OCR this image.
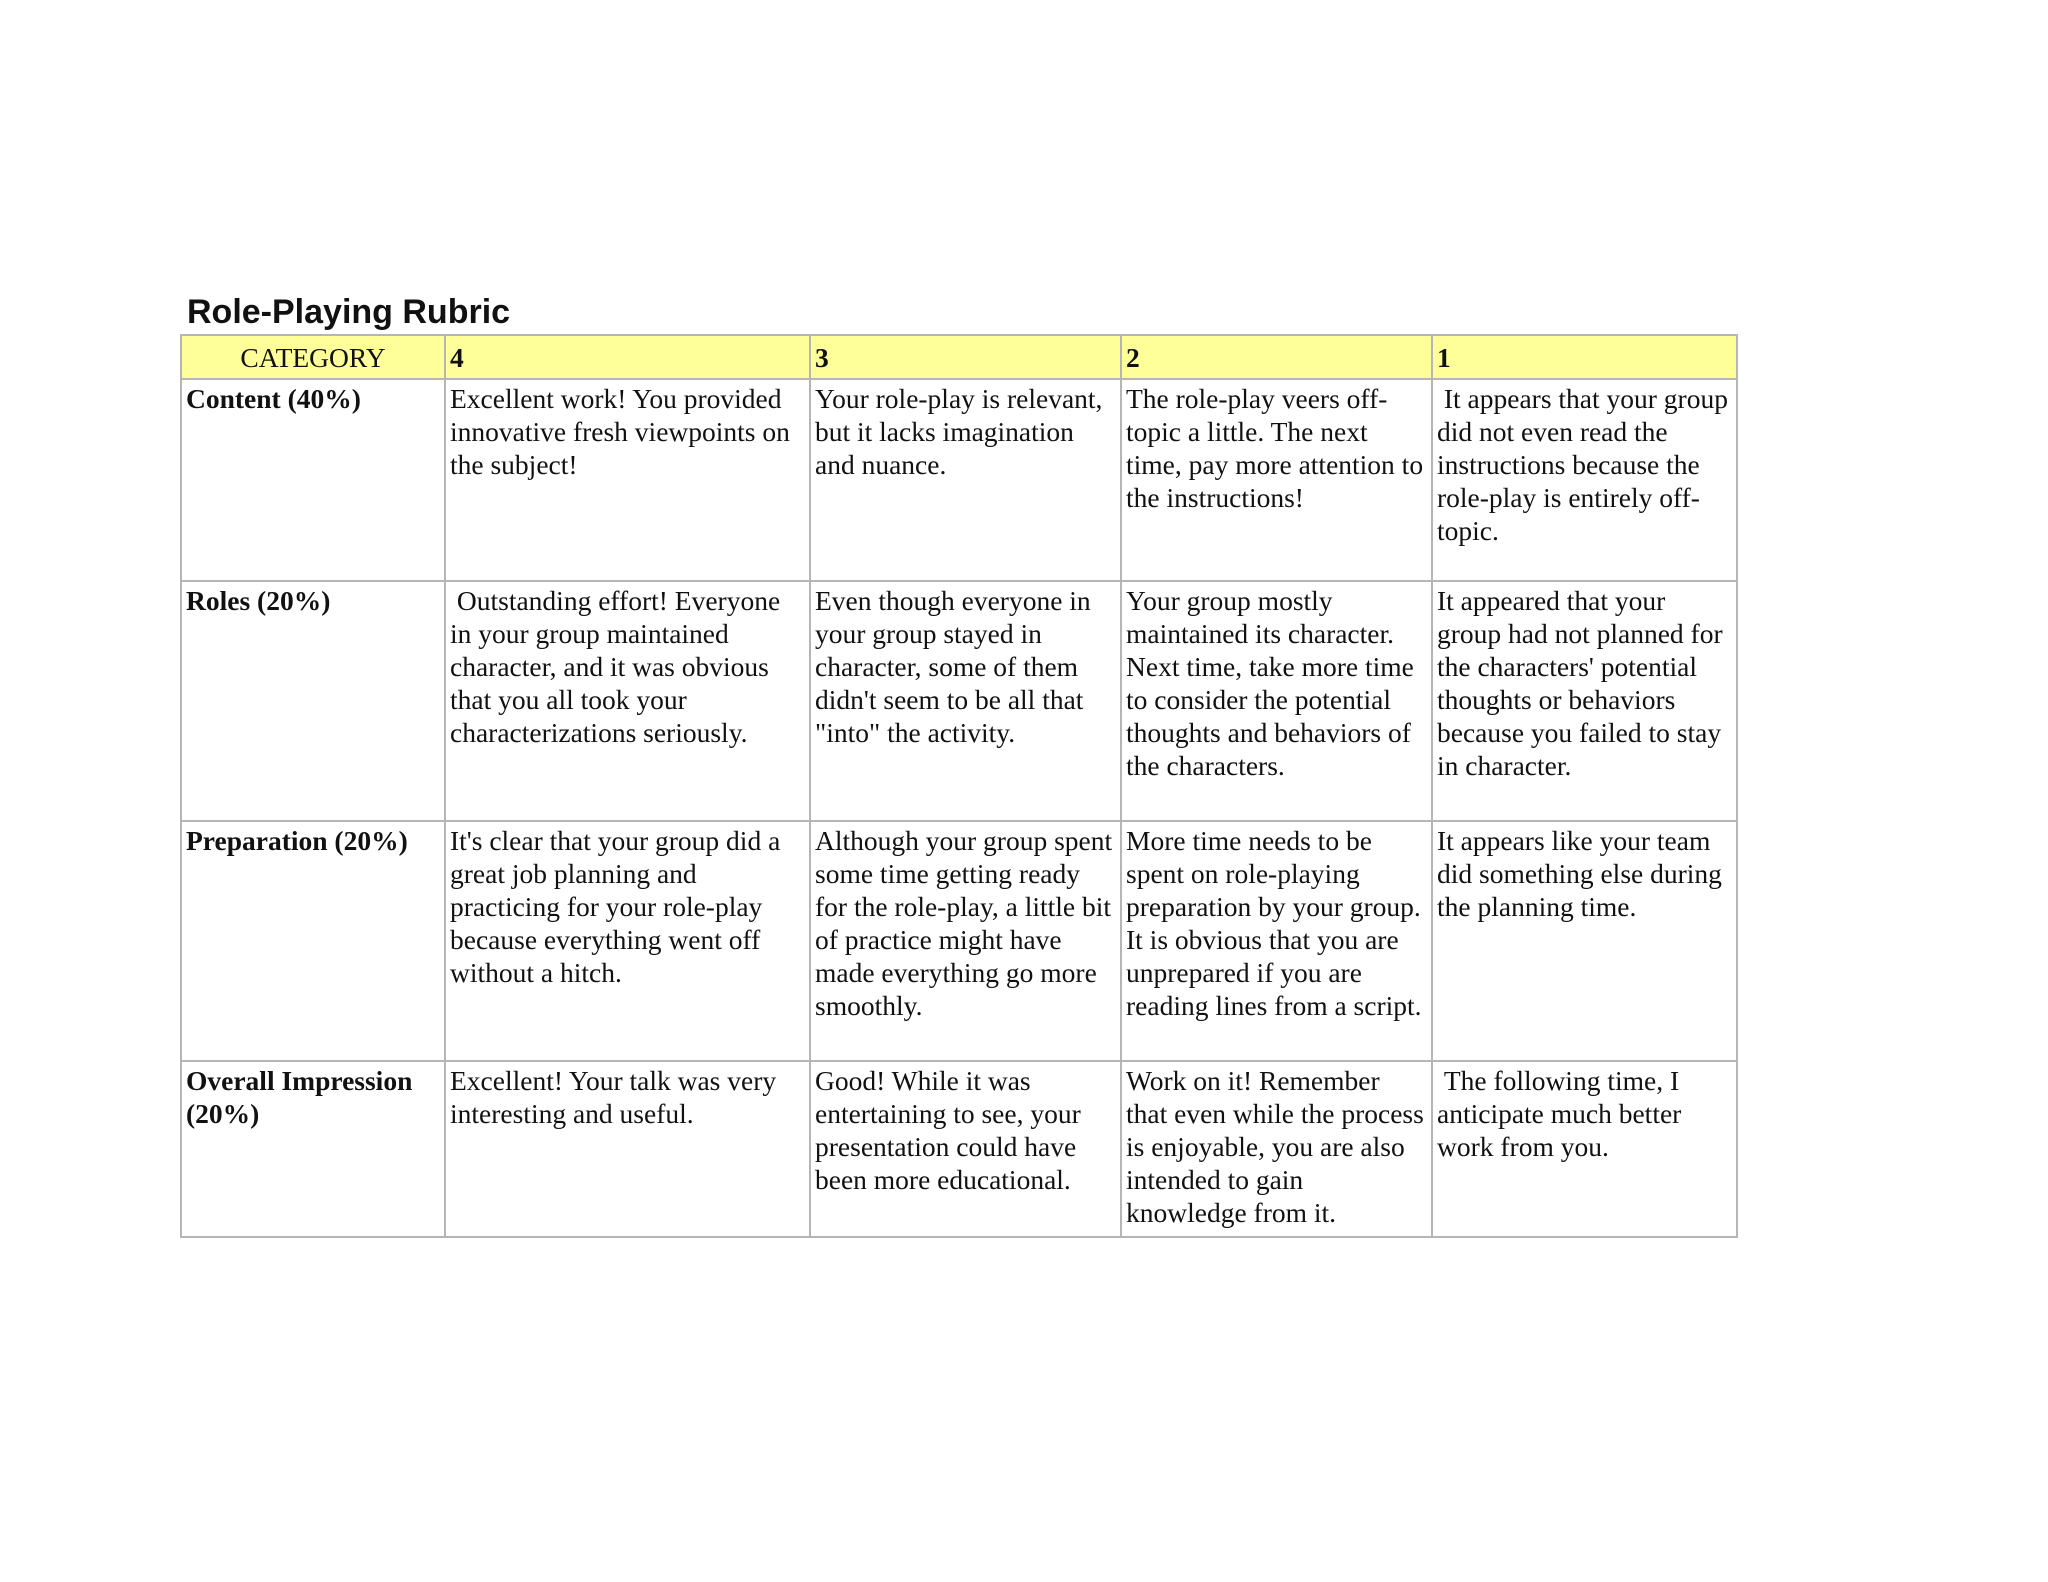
Role-Playing Rubric
CATEGORY	4	3	2	1
Content (40%)	Excellent work! You provided innovative fresh viewpoints on the subject!	Your role-play is relevant, but it lacks imagination and nuance.	The role-play veers off-topic a little. The next time, pay more attention to the instructions!	It appears that your group did not even read the instructions because the role-play is entirely off-topic.
Roles (20%)	Outstanding effort! Everyone in your group maintained character, and it was obvious that you all took your characterizations seriously.	Even though everyone in your group stayed in character, some of them didn't seem to be all that "into" the activity.	Your group mostly maintained its character. Next time, take more time to consider the potential thoughts and behaviors of the characters.	It appeared that your group had not planned for the characters' potential thoughts or behaviors because you failed to stay in character.
Preparation (20%)	It's clear that your group did a great job planning and practicing for your role-play because everything went off without a hitch.	Although your group spent some time getting ready for the role-play, a little bit of practice might have made everything go more smoothly.	More time needs to be spent on role-playing preparation by your group. It is obvious that you are unprepared if you are reading lines from a script.	It appears like your team did something else during the planning time.
Overall Impression (20%)	Excellent! Your talk was very interesting and useful.	Good! While it was entertaining to see, your presentation could have been more educational.	Work on it! Remember that even while the process is enjoyable, you are also intended to gain knowledge from it.	The following time, I anticipate much better work from you.
